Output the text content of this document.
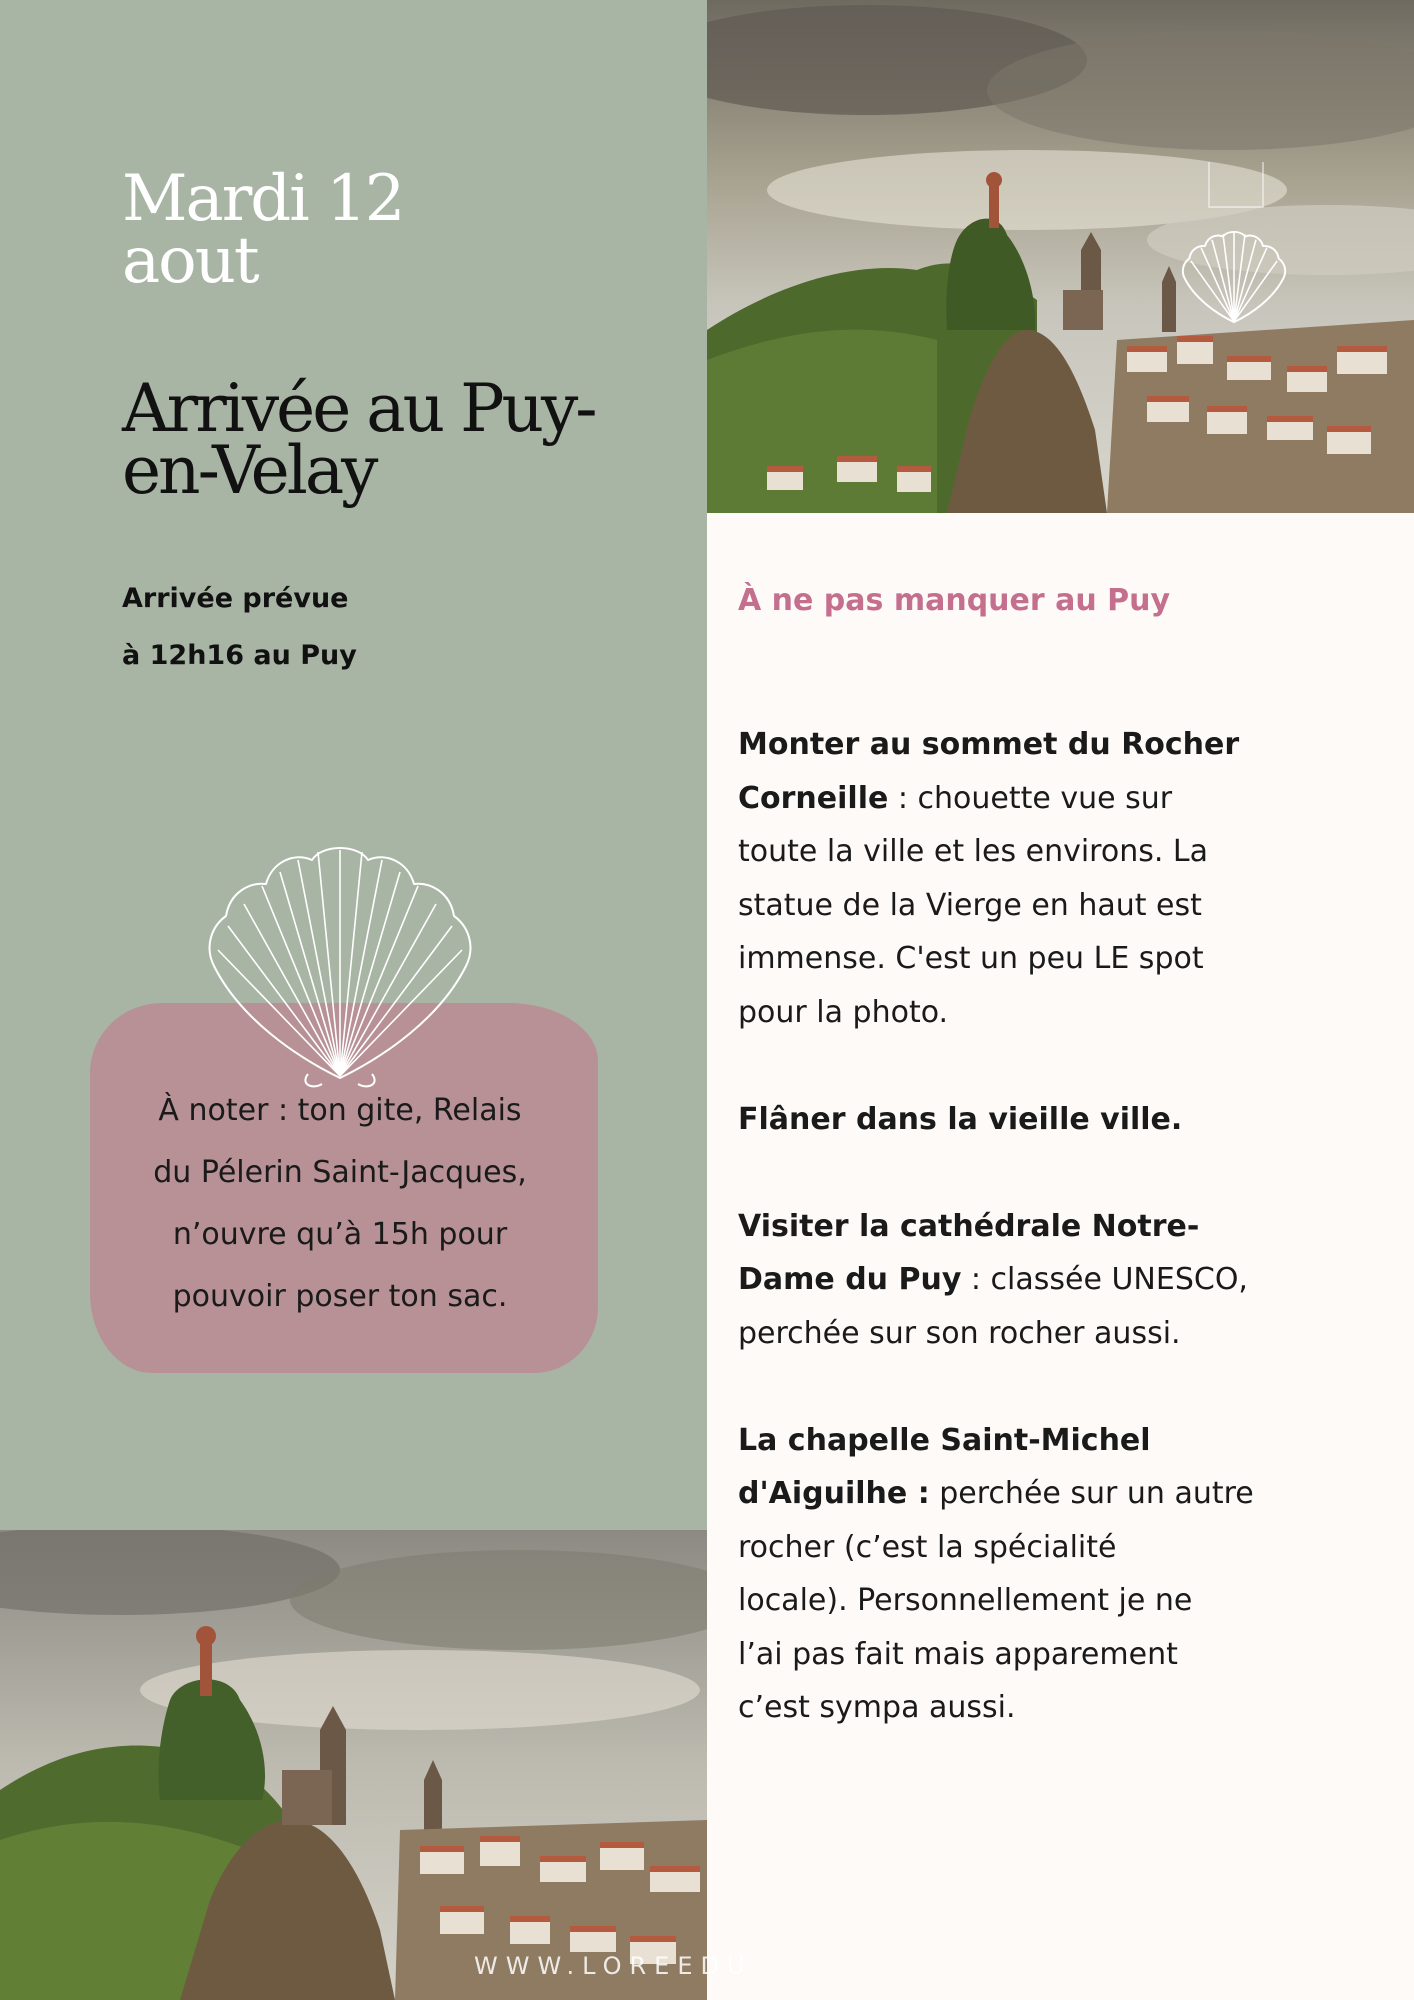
Mardi 12
aout
Arrivée au Puy-
en-Velay
Arrivée prévue
à 12h16 au Puy
À noter : ton gite, Relais
du Pélerin Saint-Jacques,
n’ouvre qu’à 15h pour
pouvoir poser ton sac.
WWW.LOREEDU
À ne pas manquer au Puy
Monter au sommet du Rocher
Corneille : chouette vue sur
toute la ville et les environs. La
statue de la Vierge en haut est
immense. C'est un peu LE spot
pour la photo.
Flâner dans la vieille ville.
Visiter la cathédrale Notre-
Dame du Puy : classée UNESCO,
perchée sur son rocher aussi.
La chapelle Saint-Michel
d'Aiguilhe : perchée sur un autre
rocher (c’est la spécialité
locale). Personnellement je ne
l’ai pas fait mais apparement
c’est sympa aussi.
